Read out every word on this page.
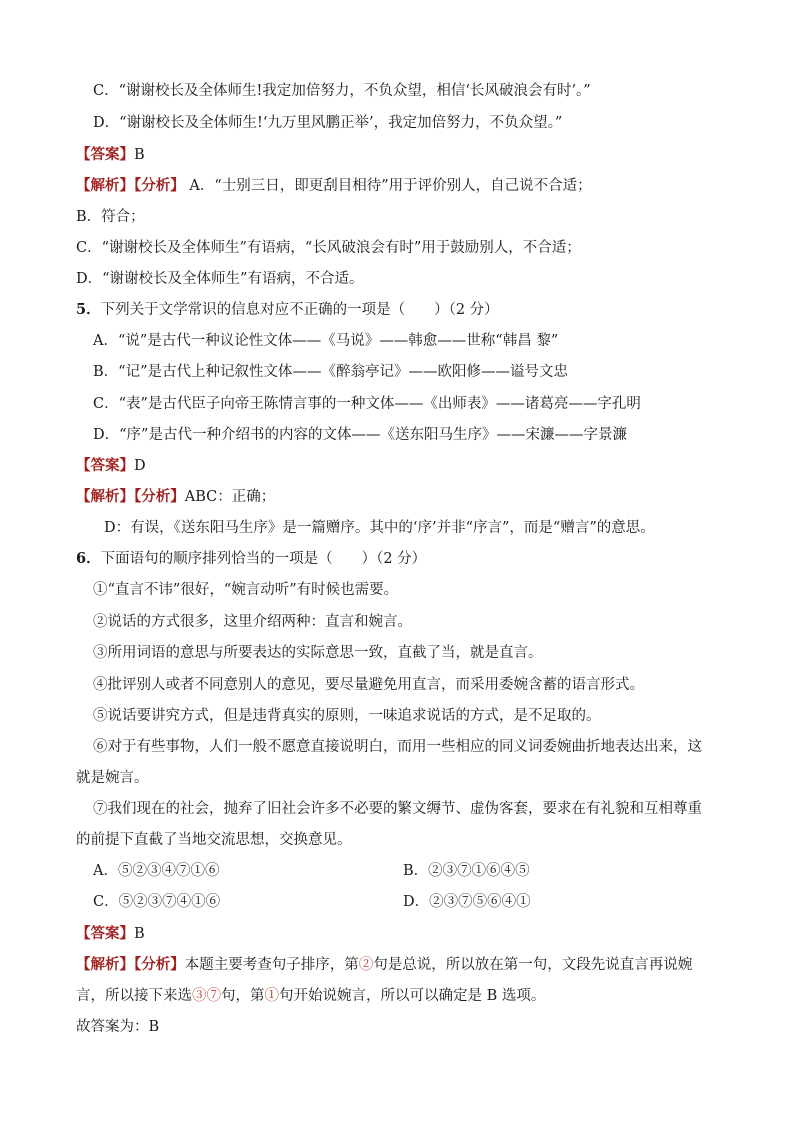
C．“谢谢校长及全体师生!我定加倍努力，不负众望，相信‘长风破浪会有时’。”
D．“谢谢校长及全体师生!‘九万里风鹏正举’，我定加倍努力，不负众望。”
【答案】B
【解析】【分析】 A．“士别三日，即更刮目相待”用于评价别人，自己说不合适；
B．符合；
C．“谢谢校长及全体师生”有语病，“长风破浪会有时”用于鼓励别人，不合适；
D．“谢谢校长及全体师生”有语病，不合适。
5．下列关于文学常识的信息对应不正确的一项是（　　）（2 分）
A．“说”是古代一种议论性文体——《马说》——韩愈——世称“韩昌 黎”
B．“记”是古代上种记叙性文体——《醉翁亭记》——欧阳修——谥号文忠
C．“表”是古代臣子向帝王陈情言事的一种文体——《出师表》——诸葛亮——字孔明
D．“序”是古代一种介绍书的内容的文体——《送东阳马生序》——宋濂——字景濂
【答案】D
【解析】【分析】ABC：正确；
D：有误，《送东阳马生序》是一篇赠序。其中的‘序’并非“序言”，而是“赠言”的意思。
6．下面语句的顺序排列恰当的一项是（　　）（2 分）
①“直言不讳”很好，“婉言动听”有时候也需要。
②说话的方式很多，这里介绍两种：直言和婉言。
③所用词语的意思与所要表达的实际意思一致，直截了当，就是直言。
④批评别人或者不同意别人的意见，要尽量避免用直言，而采用委婉含蓄的语言形式。
⑤说话要讲究方式，但是违背真实的原则，一味追求说话的方式，是不足取的。
⑥对于有些事物，人们一般不愿意直接说明白，而用一些相应的同义词委婉曲折地表达出来，这
就是婉言。
⑦我们现在的社会，抛弃了旧社会许多不必要的繁文缛节、虚伪客套，要求在有礼貌和互相尊重
的前提下直截了当地交流思想，交换意见。
A．⑤②③④⑦①⑥	B．②③⑦①⑥④⑤
C．⑤②③⑦④①⑥	D．②③⑦⑤⑥④①
【答案】B
【解析】【分析】本题主要考查句子排序，第②句是总说，所以放在第一句，文段先说直言再说婉
言，所以接下来选③⑦句，第①句开始说婉言，所以可以确定是 B 选项。
故答案为：B
